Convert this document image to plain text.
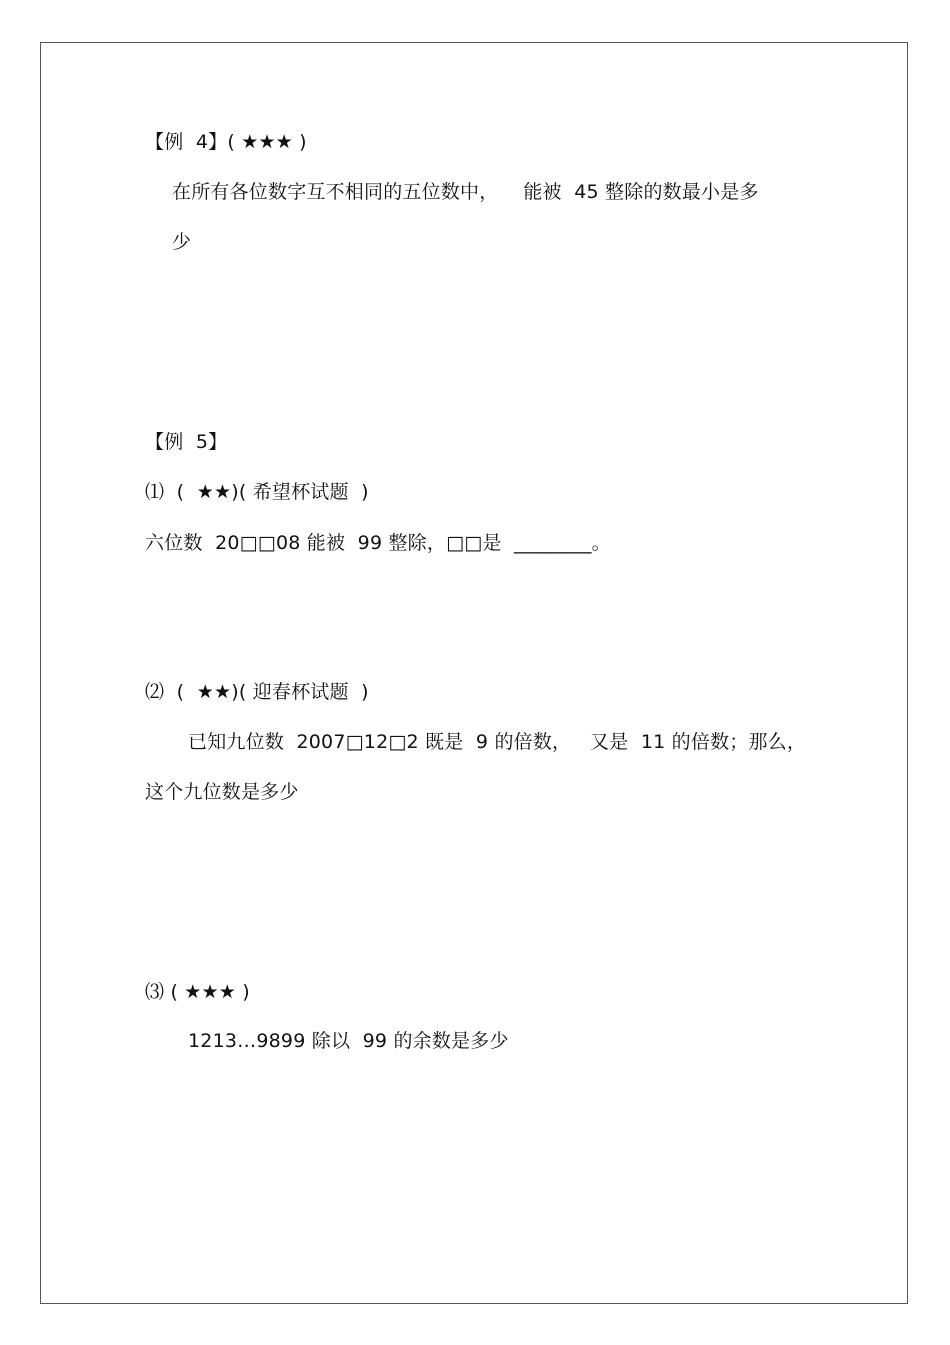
【例  4】( ★★★ )
在所有各位数字互不相同的五位数中，    能被  45 整除的数最小是多
少
【例  5】
⑴  (  ★★)( 希望杯试题  )
六位数  20□□08 能被  99 整除，□□是  ________。
⑵  (  ★★)( 迎春杯试题  )
已知九位数  2007□12□2 既是  9 的倍数，   又是  11 的倍数；那么，
这个九位数是多少
⑶ ( ★★★ )
1213…9899 除以  99 的余数是多少
